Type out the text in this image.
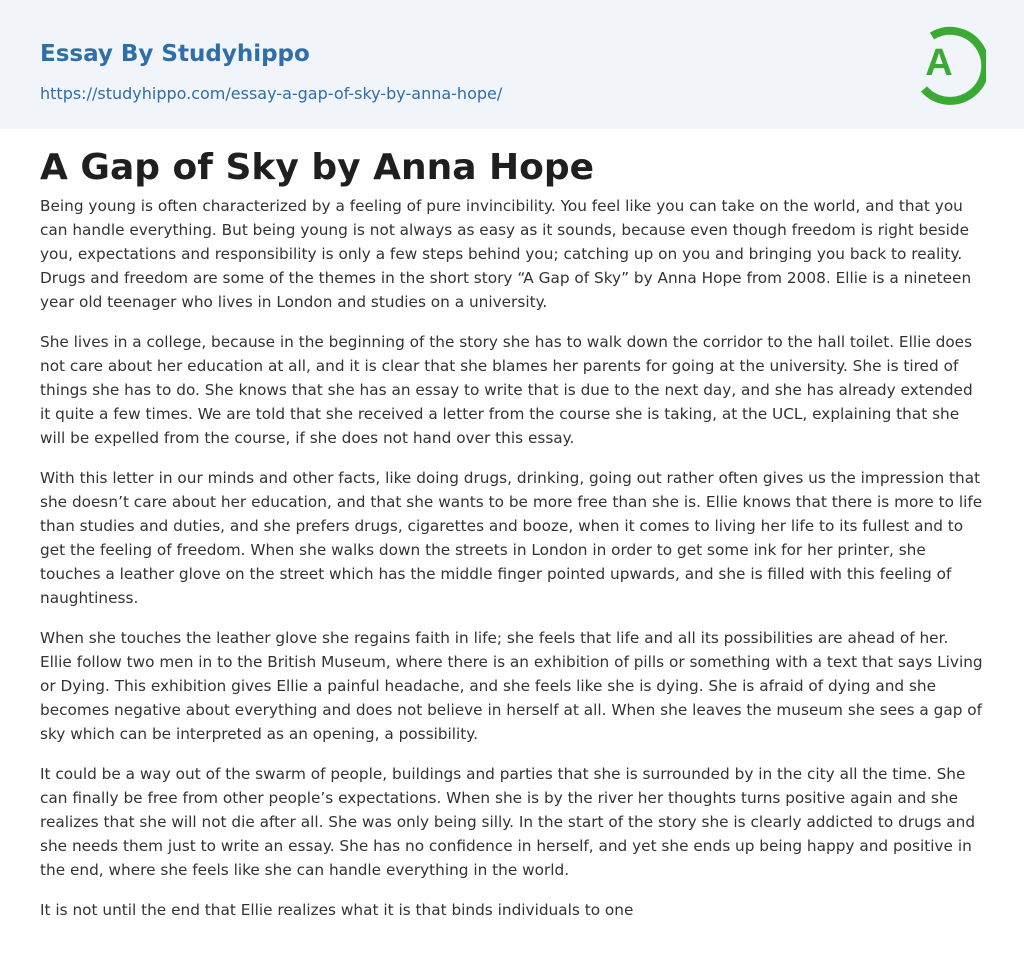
Essay By Studyhippo
https://studyhippo.com/essay-a-gap-of-sky-by-anna-hope/
A
A Gap of Sky by Anna Hope

Being young is often characterized by a feeling of pure invincibility. You feel like you can take on the world, and that you can handle everything. But being young is not always as easy as it sounds, because even though freedom is right beside you, expectations and responsibility is only a few steps behind you; catching up on you and bringing you back to reality. Drugs and freedom are some of the themes in the short story “A Gap of Sky” by Anna Hope from 2008. Ellie is a nineteen year old teenager who lives in London and studies on a university.

She lives in a college, because in the beginning of the story she has to walk down the corridor to the hall toilet. Ellie does not care about her education at all, and it is clear that she blames her parents for going at the university. She is tired of things she has to do. She knows that she has an essay to write that is due to the next day, and she has already extended it quite a few times. We are told that she received a letter from the course she is taking, at the UCL, explaining that she will be expelled from the course, if she does not hand over this essay.

With this letter in our minds and other facts, like doing drugs, drinking, going out rather often gives us the impression that she doesn’t care about her education, and that she wants to be more free than she is. Ellie knows that there is more to life than studies and duties, and she prefers drugs, cigarettes and booze, when it comes to living her life to its fullest and to get the feeling of freedom. When she walks down the streets in London in order to get some ink for her printer, she touches a leather glove on the street which has the middle finger pointed upwards, and she is filled with this feeling of naughtiness.

When she touches the leather glove she regains faith in life; she feels that life and all its possibilities are ahead of her. Ellie follow two men in to the British Museum, where there is an exhibition of pills or something with a text that says Living or Dying. This exhibition gives Ellie a painful headache, and she feels like she is dying. She is afraid of dying and she becomes negative about everything and does not believe in herself at all. When she leaves the museum she sees a gap of sky which can be interpreted as an opening, a possibility.

It could be a way out of the swarm of people, buildings and parties that she is surrounded by in the city all the time. She can finally be free from other people’s expectations. When she is by the river her thoughts turns positive again and she realizes that she will not die after all. She was only being silly. In the start of the story she is clearly addicted to drugs and she needs them just to write an essay. She has no confidence in herself, and yet she ends up being happy and positive in the end, where she feels like she can handle everything in the world.

It is not until the end that Ellie realizes what it is that binds individuals to one
